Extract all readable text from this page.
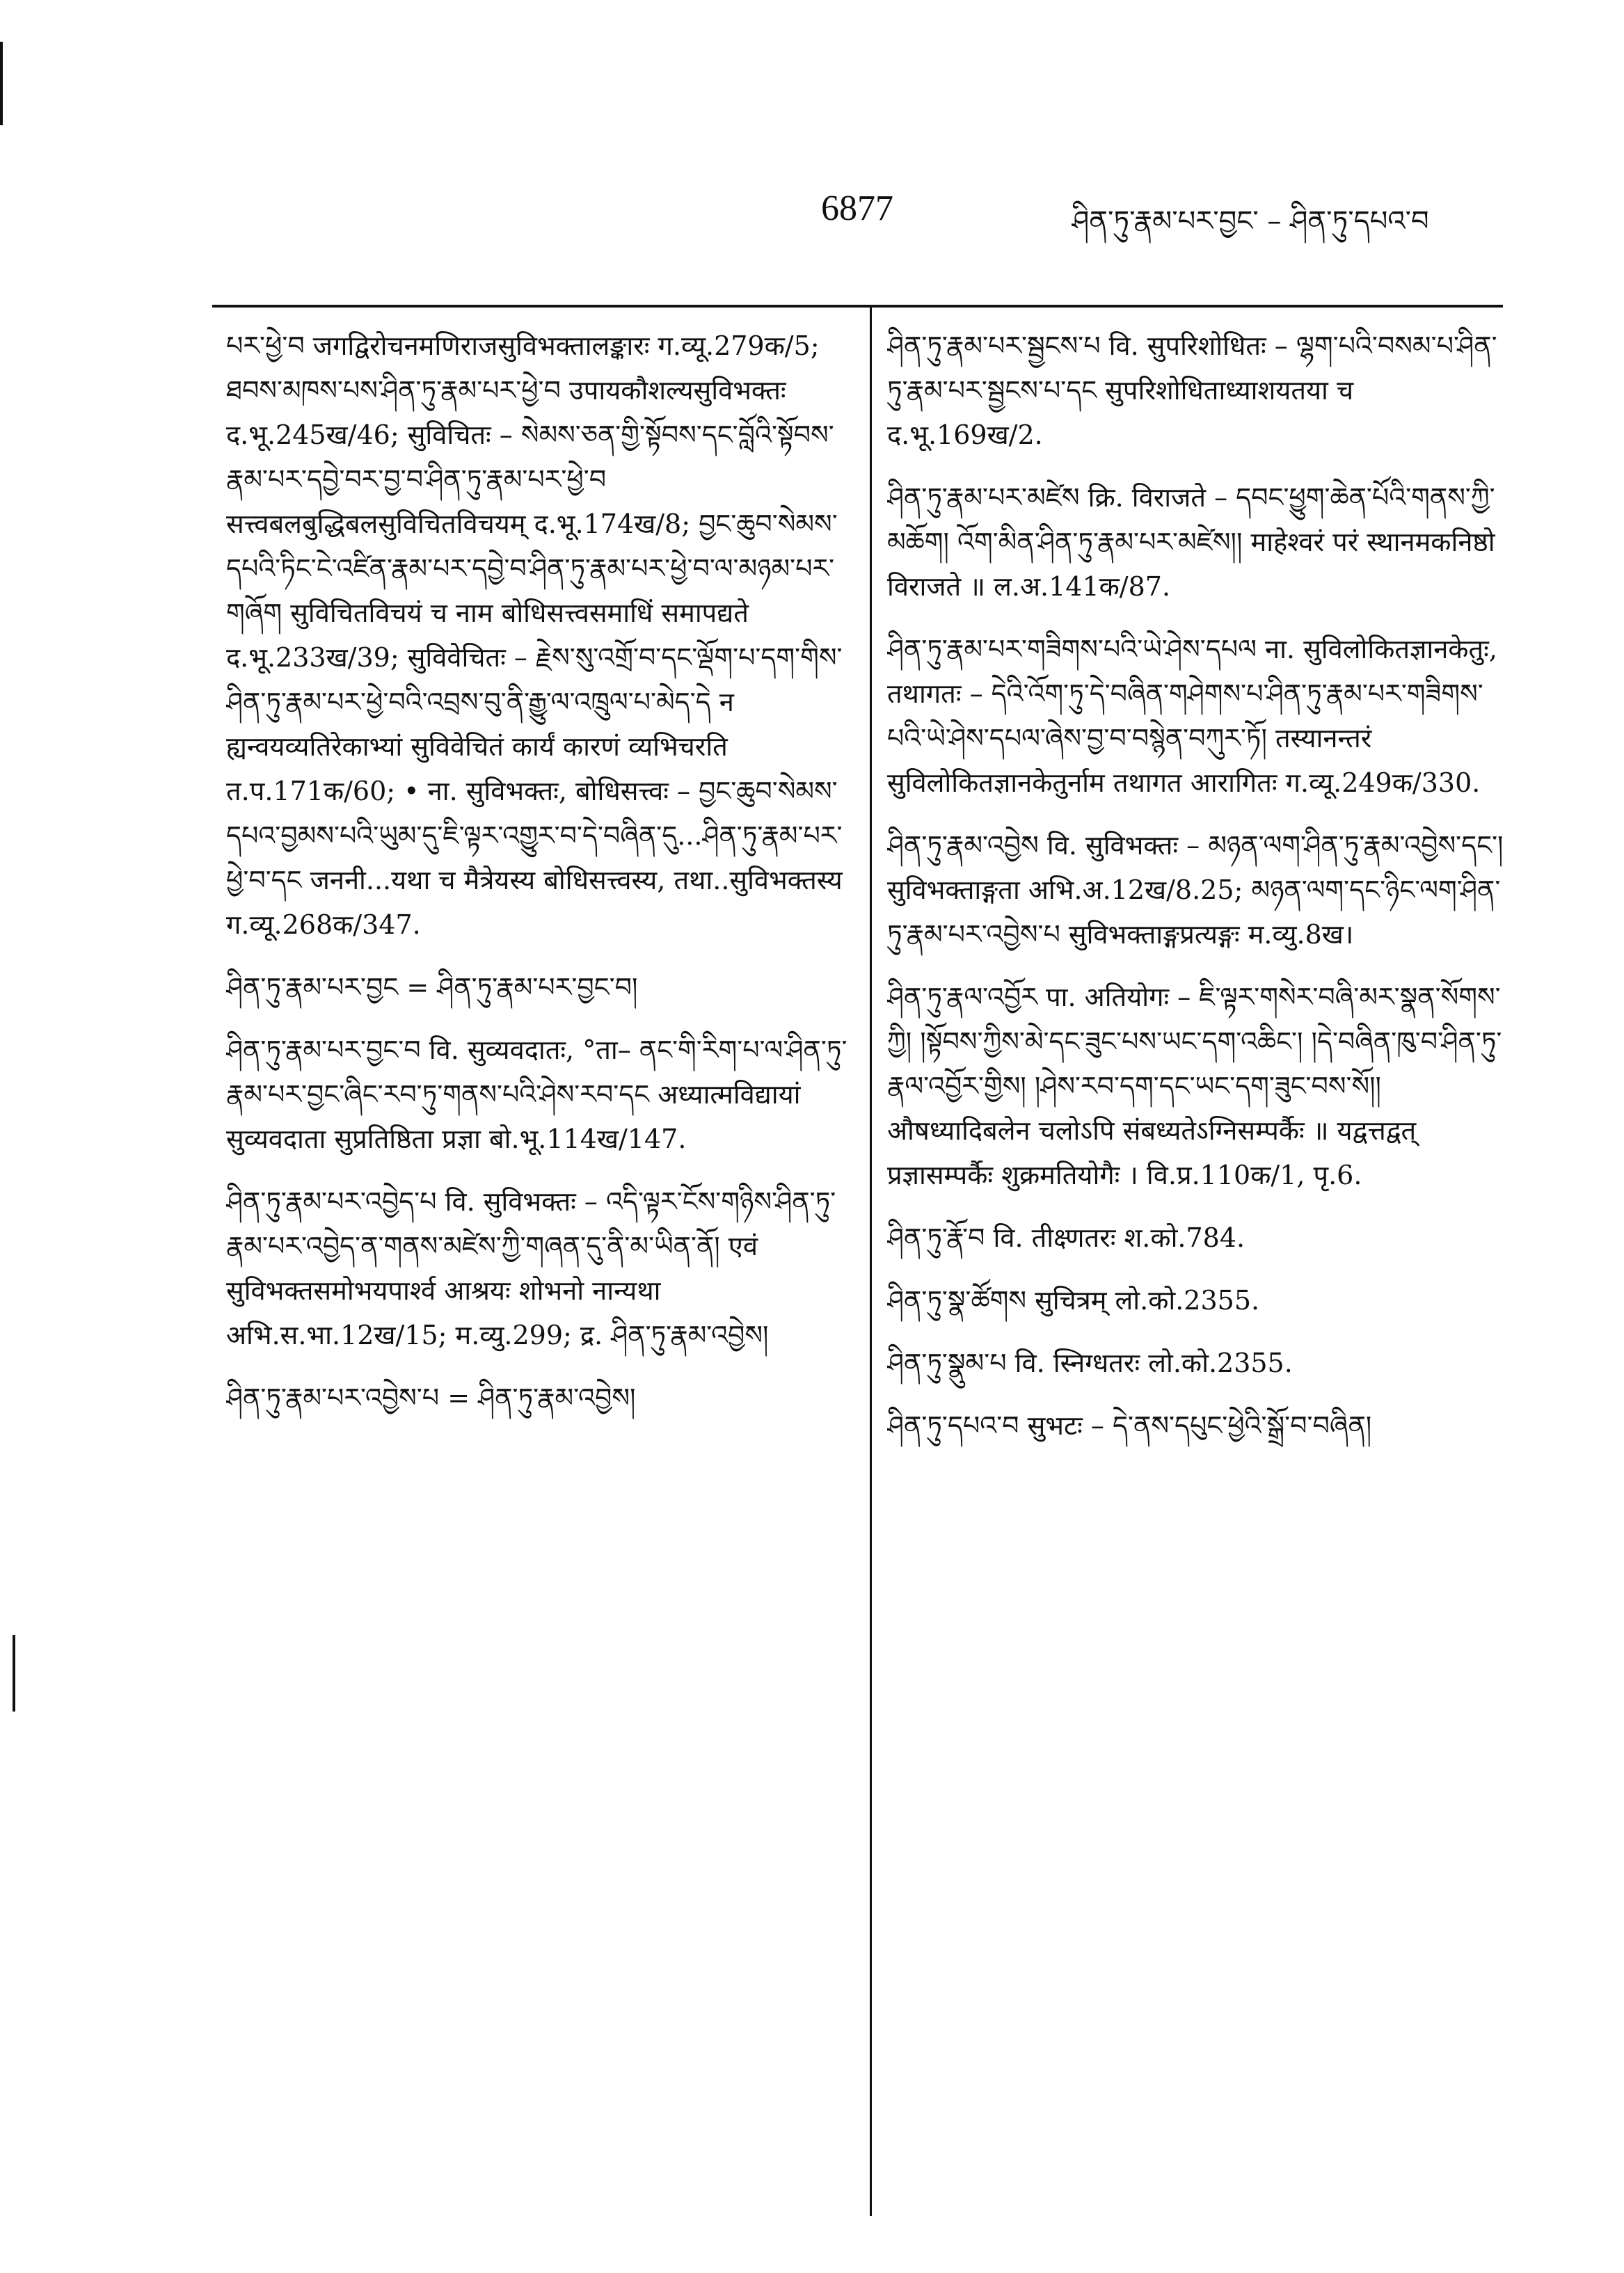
6877	ཤིན་ཏུ་རྣམ་པར་བྱང་ – ཤིན་ཏུ་དཔའ་བ

པར་ཕྱེ་བ जगद्विरोचनमणिराजसुविभक्तालङ्कारः ग.व्यू.279क/5; ཐབས་མཁས་པས་ཤིན་ཏུ་རྣམ་པར་ཕྱེ་བ उपायकौशल्यसुविभक्तः द.भू.245ख/46; सुविचितः – སེམས་ཅན་གྱི་སྟོབས་དང་བློའི་སྟོབས་རྣམ་པར་དབྱེ་བར་བྱ་བ་ཤིན་ཏུ་རྣམ་པར་ཕྱེ་བ सत्त्वबलबुद्धिबलसुविचितविचयम् द.भू.174ख/8; བྱང་ཆུབ་སེམས་དཔའི་ཏིང་ངེ་འཛིན་རྣམ་པར་དབྱེ་བ་ཤིན་ཏུ་རྣམ་པར་ཕྱེ་བ་ལ་མཉམ་པར་གཞོག सुविचितविचयं च नाम बोधिसत्त्वसमाधिं समापद्यते द.भू.233ख/39; सुविवेचितः – རྗེས་སུ་འགྲོ་བ་དང་ལྡོག་པ་དག་གིས་ཤིན་ཏུ་རྣམ་པར་ཕྱེ་བའི་འབྲས་བུ་ནི་རྒྱུ་ལ་འཁྲུལ་པ་མེད་དེ न ह्यन्वयव्यतिरेकाभ्यां सुविवेचितं कार्यं कारणं व्यभिचरति त.प.171क/60; • ना. सुविभक्तः, बोधिसत्त्वः – བྱང་ཆུབ་སེམས་དཔའ་བྱམས་པའི་ཡུམ་དུ་ཇི་ལྟར་འགྱུར་བ་དེ་བཞིན་དུ...ཤིན་ཏུ་རྣམ་པར་ཕྱེ་བ་དང जननी...यथा च मैत्रेयस्य बोधिसत्त्वस्य, तथा..सुविभक्तस्य ग.व्यू.268क/347.

ཤིན་ཏུ་རྣམ་པར་བྱང = ཤིན་ཏུ་རྣམ་པར་བྱང་བ།

ཤིན་ཏུ་རྣམ་པར་བྱང་བ वि. सुव्यवदातः, °ता– ནང་གི་རིག་པ་ལ་ཤིན་ཏུ་རྣམ་པར་བྱང་ཞིང་རབ་ཏུ་གནས་པའི་ཤེས་རབ་དང अध्यात्मविद्यायां सुव्यवदाता सुप्रतिष्ठिता प्रज्ञा बो.भू.114ख/147.

ཤིན་ཏུ་རྣམ་པར་འབྱེད་པ वि. सुविभक्तः – འདི་ལྟར་ངོས་གཉིས་ཤིན་ཏུ་རྣམ་པར་འབྱེད་ན་གནས་མཛེས་ཀྱི་གཞན་དུ་ནི་མ་ཡིན་ནོ། एवं सुविभक्तसमोभयपार्श्व आश्रयः शोभनो नान्यथा अभि.स.भा.12ख/15; म.व्यु.299; द्र. ཤིན་ཏུ་རྣམ་འབྱེས།

ཤིན་ཏུ་རྣམ་པར་འབྱེས་པ = ཤིན་ཏུ་རྣམ་འབྱེས།

ཤིན་ཏུ་རྣམ་པར་སྦྱངས་པ वि. सुपरिशोधितः – ལྷག་པའི་བསམ་པ་ཤིན་ཏུ་རྣམ་པར་སྦྱངས་པ་དང सुपरिशोधिताध्याशयतया च द.भू.169ख/2.

ཤིན་ཏུ་རྣམ་པར་མཛེས क्रि. विराजते – དབང་ཕྱུག་ཆེན་པོའི་གནས་ཀྱི་མཆོག། འོག་མིན་ཤིན་ཏུ་རྣམ་པར་མཛེས།། माहेश्वरं परं स्थानमकनिष्ठो विराजते ॥ ल.अ.141क/87.

ཤིན་ཏུ་རྣམ་པར་གཟིགས་པའི་ཡེ་ཤེས་དཔལ ना. सुविलोकितज्ञानकेतुः, तथागतः – དེའི་འོག་ཏུ་དེ་བཞིན་གཤེགས་པ་ཤིན་ཏུ་རྣམ་པར་གཟིགས་པའི་ཡེ་ཤེས་དཔལ་ཞེས་བྱ་བ་བསྙེན་བཀུར་ཏོ། तस्यानन्तरं सुविलोकितज्ञानकेतुर्नाम तथागत आरागितः ग.व्यू.249क/330.

ཤིན་ཏུ་རྣམ་འབྱེས वि. सुविभक्तः – མཉན་ལག་ཤིན་ཏུ་རྣམ་འབྱེས་དང་། सुविभक्ताङ्गता अभि.अ.12ख/8.25; མཉན་ལག་དང་ཉིང་ལག་ཤིན་ཏུ་རྣམ་པར་འབྱེས་པ सुविभक्ताङ्गप्रत्यङ्गः म.व्यु.8ख।

ཤིན་ཏུ་རྣལ་འབྱོར पा. अतियोगः – ཇི་ལྟར་གསེར་བཞི་མར་སྣན་སོགས་ཀྱི། །སྟོབས་ཀྱིས་མེ་དང་ཟུང་པས་ཡང་དག་འཆིང་། །དེ་བཞིན་ཁུ་བ་ཤིན་ཏུ་རྣལ་འབྱོར་གྱིས། །ཤེས་རབ་དག་དང་ཡང་དག་ཟུང་བས་སོ།། औषध्यादिबलेन चलोऽपि संबध्यतेऽग्निसम्पर्कैः ॥ यद्वत्तद्वत् प्रज्ञासम्पर्कैः शुक्रमतियोगैः । वि.प्र.110क/1, पृ.6.

ཤིན་ཏུ་རྣོ་བ वि. तीक्ष्णतरः श.को.784.

ཤིན་ཏུ་སྣ་ཚོགས सुचित्रम् लो.को.2355.

ཤིན་ཏུ་སྣུམ་པ वि. स्निग्धतरः लो.को.2355.

ཤིན་ཏུ་དཔའ་བ सुभटः – དེ་ནས་དཔུང་ཕྱེའི་སྒྲོ་བ་བཞིན།
